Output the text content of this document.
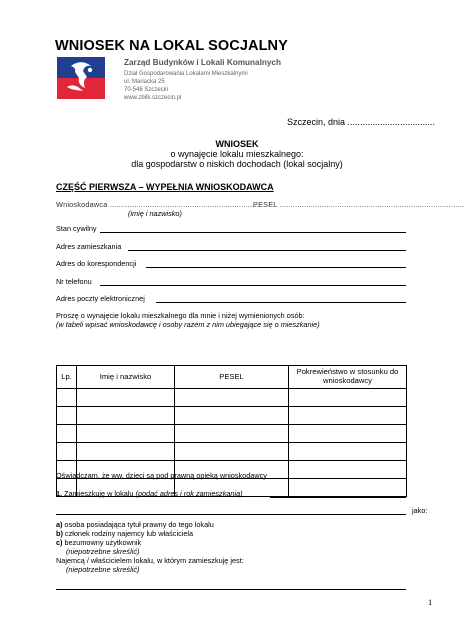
WNIOSEK NA LOKAL SOCJALNY
Zarząd Budynków i Lokali Komunalnych
Dział Gospodarowania Lokalami Mieszkalnymi
ul. Mariacka 25
70-546 Szczecin
www.zbilk.szczecin.pl
Szczecin, dnia ...................................
WNIOSEK
o wynajęcie lokalu mieszkalnego:
dla gospodarstw o niskich dochodach (lokal socjalny)
CZĘŚĆ PIERWSZA – WYPEŁNIA WNIOSKODAWCA
Wnioskodawca ....................................................................
PESEL ...................................................................................
(imię i nazwisko)
Stan cywilny
Adres zamieszkania
Adres do korespondencji
Nr telefonu
Adres poczty elektronicznej
Proszę o wynajęcie lokalu mieszkalnego dla mnie i niżej wymienionych osób:
(w tabeli wpisać wnioskodawcę i osoby razem z nim ubiegające się o mieszkanie)
Lp.	Imię i nazwisko	PESEL	Pokrewieństwo w stosunku do wnioskodawcy

Oświadczam, że ww. dzieci są pod prawną opieką wnioskodawcy
1. Zamieszkuję w lokalu (podać adres i rok zamieszkania)
jako:
a) osoba posiadająca tytuł prawny do tego lokalu
b) członek rodziny najemcy lub właściciela
c) bezumowny użytkownik
(niepotrzebne skreślić)
Najemcą / właścicielem lokalu, w którym zamieszkuję jest:
(niepotrzebne skreślić)
1
